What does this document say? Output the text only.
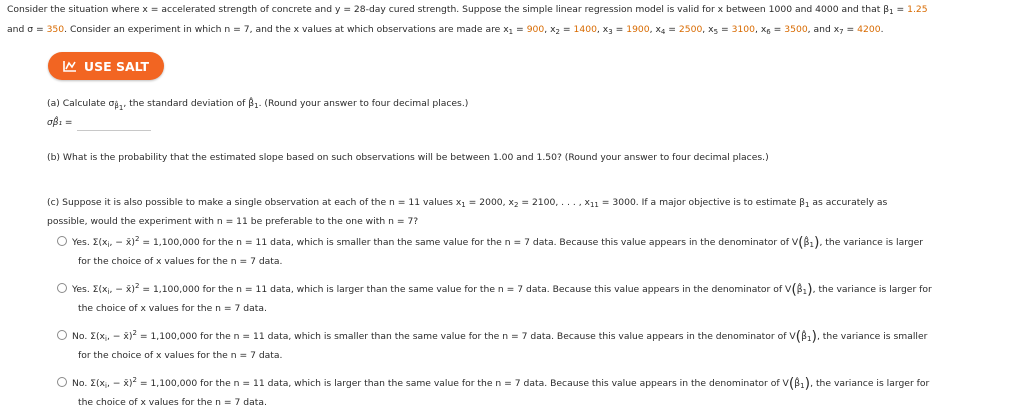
Consider the situation where x = accelerated strength of concrete and y = 28-day cured strength. Suppose the simple linear regression model is valid for x between 1000 and 4000 and that $\beta_1 = 1.25$
and σ = 350. Consider an experiment in which n = 7, and the x values at which observations are made are $x_1 = 900$, $x_2 = 1400$, $x_3 = 1900$, $x_4 = 2500$, $x_5 = 3100$, $x_6 = 3500$, and $x_7 = 4200$.
USE SALT
(a) Calculate $\sigma_{\betâ_1}$, the standard deviation of $\betâ_1$. (Round your answer to four decimal places.)
σβ̂₁ =
(b) What is the probability that the estimated slope based on such observations will be between 1.00 and 1.50? (Round your answer to four decimal places.)
(c) Suppose it is also possible to make a single observation at each of the n = 11 values $x_1 = 2000$, $x_2 = 2100$, . . . , $x_{11} = 3000$. If a major objective is to estimate $\beta_1$ as accurately as
possible, would the experiment with n = 11 be preferable to the one with n = 7?
Yes. $\Sigma(x_i$, − x̄)$^2$ = 1,100,000 for the n = 11 data, which is smaller than the same value for the n = 7 data. Because this value appears in the denominator of $V(\betâ_1)$, the variance is larger
for the choice of x values for the n = 7 data.
Yes. $\Sigma(x_i$, − x̄)$^2$ = 1,100,000 for the n = 11 data, which is larger than the same value for the n = 7 data. Because this value appears in the denominator of $V(\betâ_1)$, the variance is larger for
the choice of x values for the n = 7 data.
No. $\Sigma(x_i$, − x̄)$^2$ = 1,100,000 for the n = 11 data, which is smaller than the same value for the n = 7 data. Because this value appears in the denominator of $V(\betâ_1)$, the variance is smaller
for the choice of x values for the n = 7 data.
No. $\Sigma(x_i$, − x̄)$^2$ = 1,100,000 for the n = 11 data, which is larger than the same value for the n = 7 data. Because this value appears in the denominator of $V(\betâ_1)$, the variance is larger for
the choice of x values for the n = 7 data.
